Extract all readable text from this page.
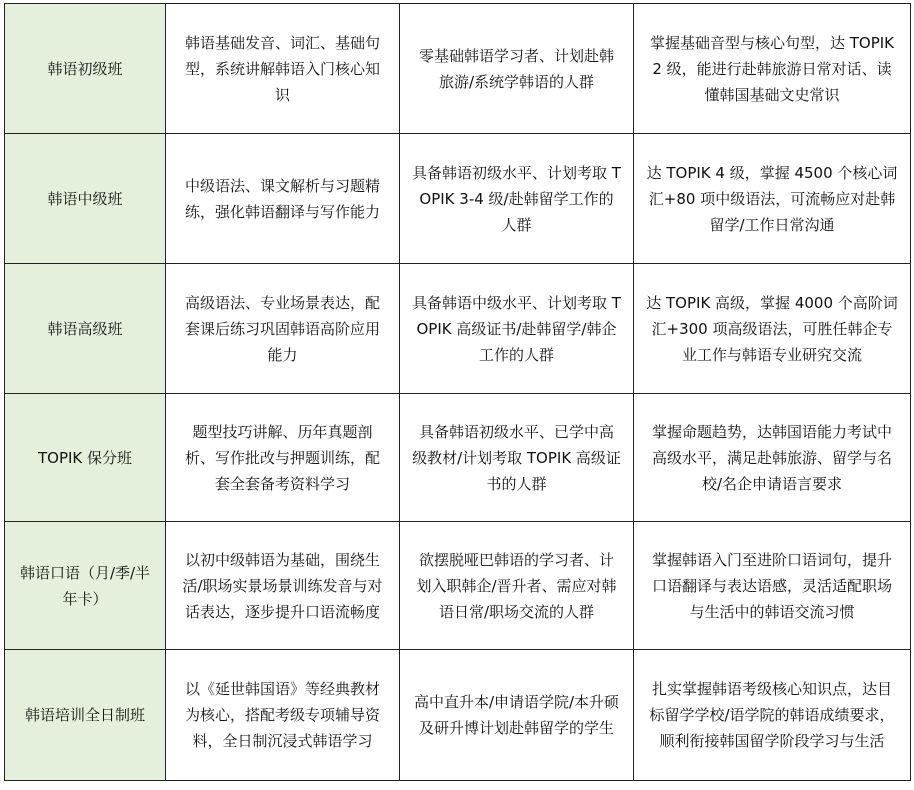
韩语初级班	韩语基础发音、词汇、基础句型，系统讲解韩语入门核心知识	零基础韩语学习者、计划赴韩旅游/系统学韩语的人群	掌握基础音型与核心句型，达 TOPIK 2 级，能进行赴韩旅游日常对话、读懂韩国基础文史常识
韩语中级班	中级语法、课文解析与习题精练，强化韩语翻译与写作能力	具备韩语初级水平、计划考取 TOPIK 3-4 级/赴韩留学工作的人群	达 TOPIK 4 级，掌握 4500 个核心词汇+80 项中级语法，可流畅应对赴韩留学/工作日常沟通
韩语高级班	高级语法、专业场景表达，配套课后练习巩固韩语高阶应用能力	具备韩语中级水平、计划考取 TOPIK 高级证书/赴韩留学/韩企工作的人群	达 TOPIK 高级，掌握 4000 个高阶词汇+300 项高级语法，可胜任韩企专业工作与韩语专业研究交流
TOPIK 保分班	题型技巧讲解、历年真题剖析、写作批改与押题训练，配套全套备考资料学习	具备韩语初级水平、已学中高级教材/计划考取 TOPIK 高级证书的人群	掌握命题趋势，达韩国语能力考试中高级水平，满足赴韩旅游、留学与名校/名企申请语言要求
韩语口语（月/季/半年卡）	以初中级韩语为基础，围绕生活/职场实景场景训练发音与对话表达，逐步提升口语流畅度	欲摆脱哑巴韩语的学习者、计划入职韩企/晋升者、需应对韩语日常/职场交流的人群	掌握韩语入门至进阶口语词句，提升口语翻译与表达语感，灵活适配职场与生活中的韩语交流习惯
韩语培训全日制班	以《延世韩国语》等经典教材为核心，搭配考级专项辅导资料，全日制沉浸式韩语学习	高中直升本/申请语学院/本升硕及研升博计划赴韩留学的学生	扎实掌握韩语考级核心知识点，达目标留学学校/语学院的韩语成绩要求，顺利衔接韩国留学阶段学习与生活
